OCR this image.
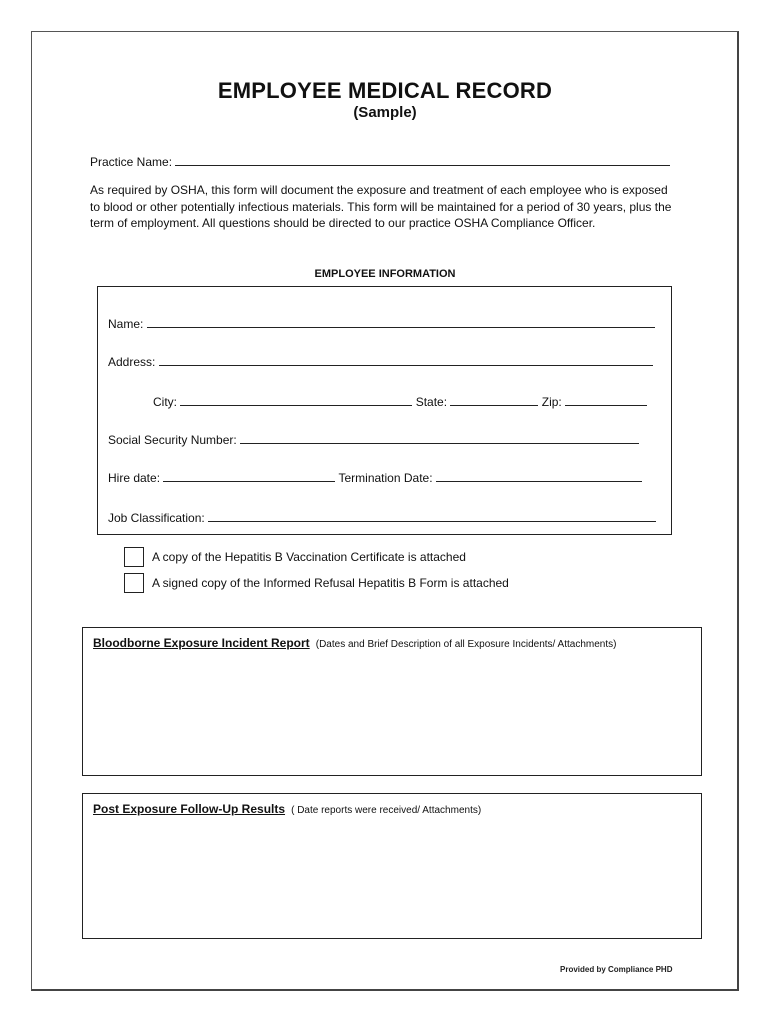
EMPLOYEE MEDICAL RECORD
(Sample)
Practice Name:
As required by OSHA, this form will document the exposure and treatment of each employee who is exposed to blood or other potentially infectious materials. This form will be maintained for a period of 30 years, plus the term of employment. All questions should be directed to our practice OSHA Compliance Officer.
EMPLOYEE INFORMATION
Name:
Address:
City:	State:	Zip:
Social Security Number:
Hire date:	Termination Date:
Job Classification:
A copy of the Hepatitis B Vaccination Certificate is attached
A signed copy of the Informed Refusal Hepatitis B Form is attached
Bloodborne Exposure Incident Report (Dates and Brief Description of all Exposure Incidents/ Attachments)
Post Exposure Follow-Up Results ( Date reports were received/ Attachments)
Provided by Compliance PHD
